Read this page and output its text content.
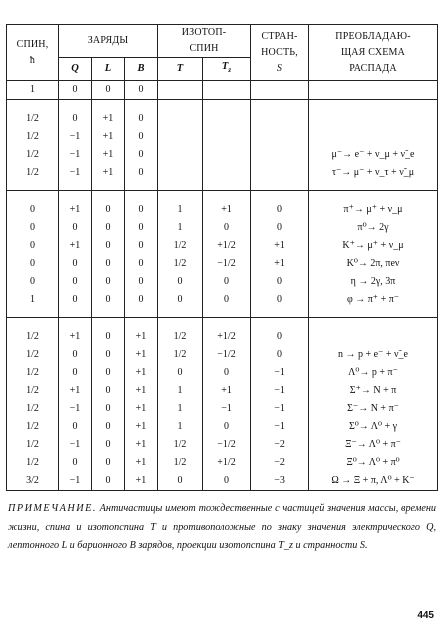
СПИН,
ħ	ЗАРЯДЫ			ИЗОТОП-
СПИН		СТРАН-
НОСТЬ,
S	ПРЕОБЛАДАЮ-
ЩАЯ СХЕМА
РАСПАДА
	Q	L	B	T	$T_z$
1	0	0	0				

1/2	0	+1	0				
1/2	−1	+1	0				
1/2	−1	+1	0				μ⁻→ e⁻ + ν_μ + ν̃_e
1/2	−1	+1	0				τ⁻→ μ⁻ + ν_τ + ν̃_μ

0	+1	0	0	1	+1	0	π⁺→ μ⁺ + ν_μ
0	0	0	0	1	0	0	π⁰→ 2γ
0	+1	0	0	1/2	+1/2	+1	K⁺→ μ⁺ + ν_μ
0	0	0	0	1/2	−1/2	+1	K⁰→ 2π, πeν
0	0	0	0	0	0	0	η → 2γ, 3π
1	0	0	0	0	0	0	φ → π⁺ + π⁻

1/2	+1	0	+1	1/2	+1/2	0	
1/2	0	0	+1	1/2	−1/2	0	n → p + e⁻ + ν̃_e
1/2	0	0	+1	0	0	−1	Λ⁰→ p + π⁻
1/2	+1	0	+1	1	+1	−1	Σ⁺→ N + π
1/2	−1	0	+1	1	−1	−1	Σ⁻→ N + π⁻
1/2	0	0	+1	1	0	−1	Σ⁰→ Λ⁰ + γ
1/2	−1	0	+1	1/2	−1/2	−2	Ξ⁻→ Λ⁰ + π⁻
1/2	0	0	+1	1/2	+1/2	−2	Ξ⁰→ Λ⁰ + π⁰
3/2	−1	0	+1	0	0	−3	Ω → Ξ + π, Λ⁰ + K⁻
ПРИМЕЧАНИЕ. Античастицы имеют тождественные с частицей значения массы, времени жизни, спина и изотопспина T и противоположные по знаку значения электрического Q, лептонного L и барионного B зарядов, проекции изотопспина T_z и странности S.
445
